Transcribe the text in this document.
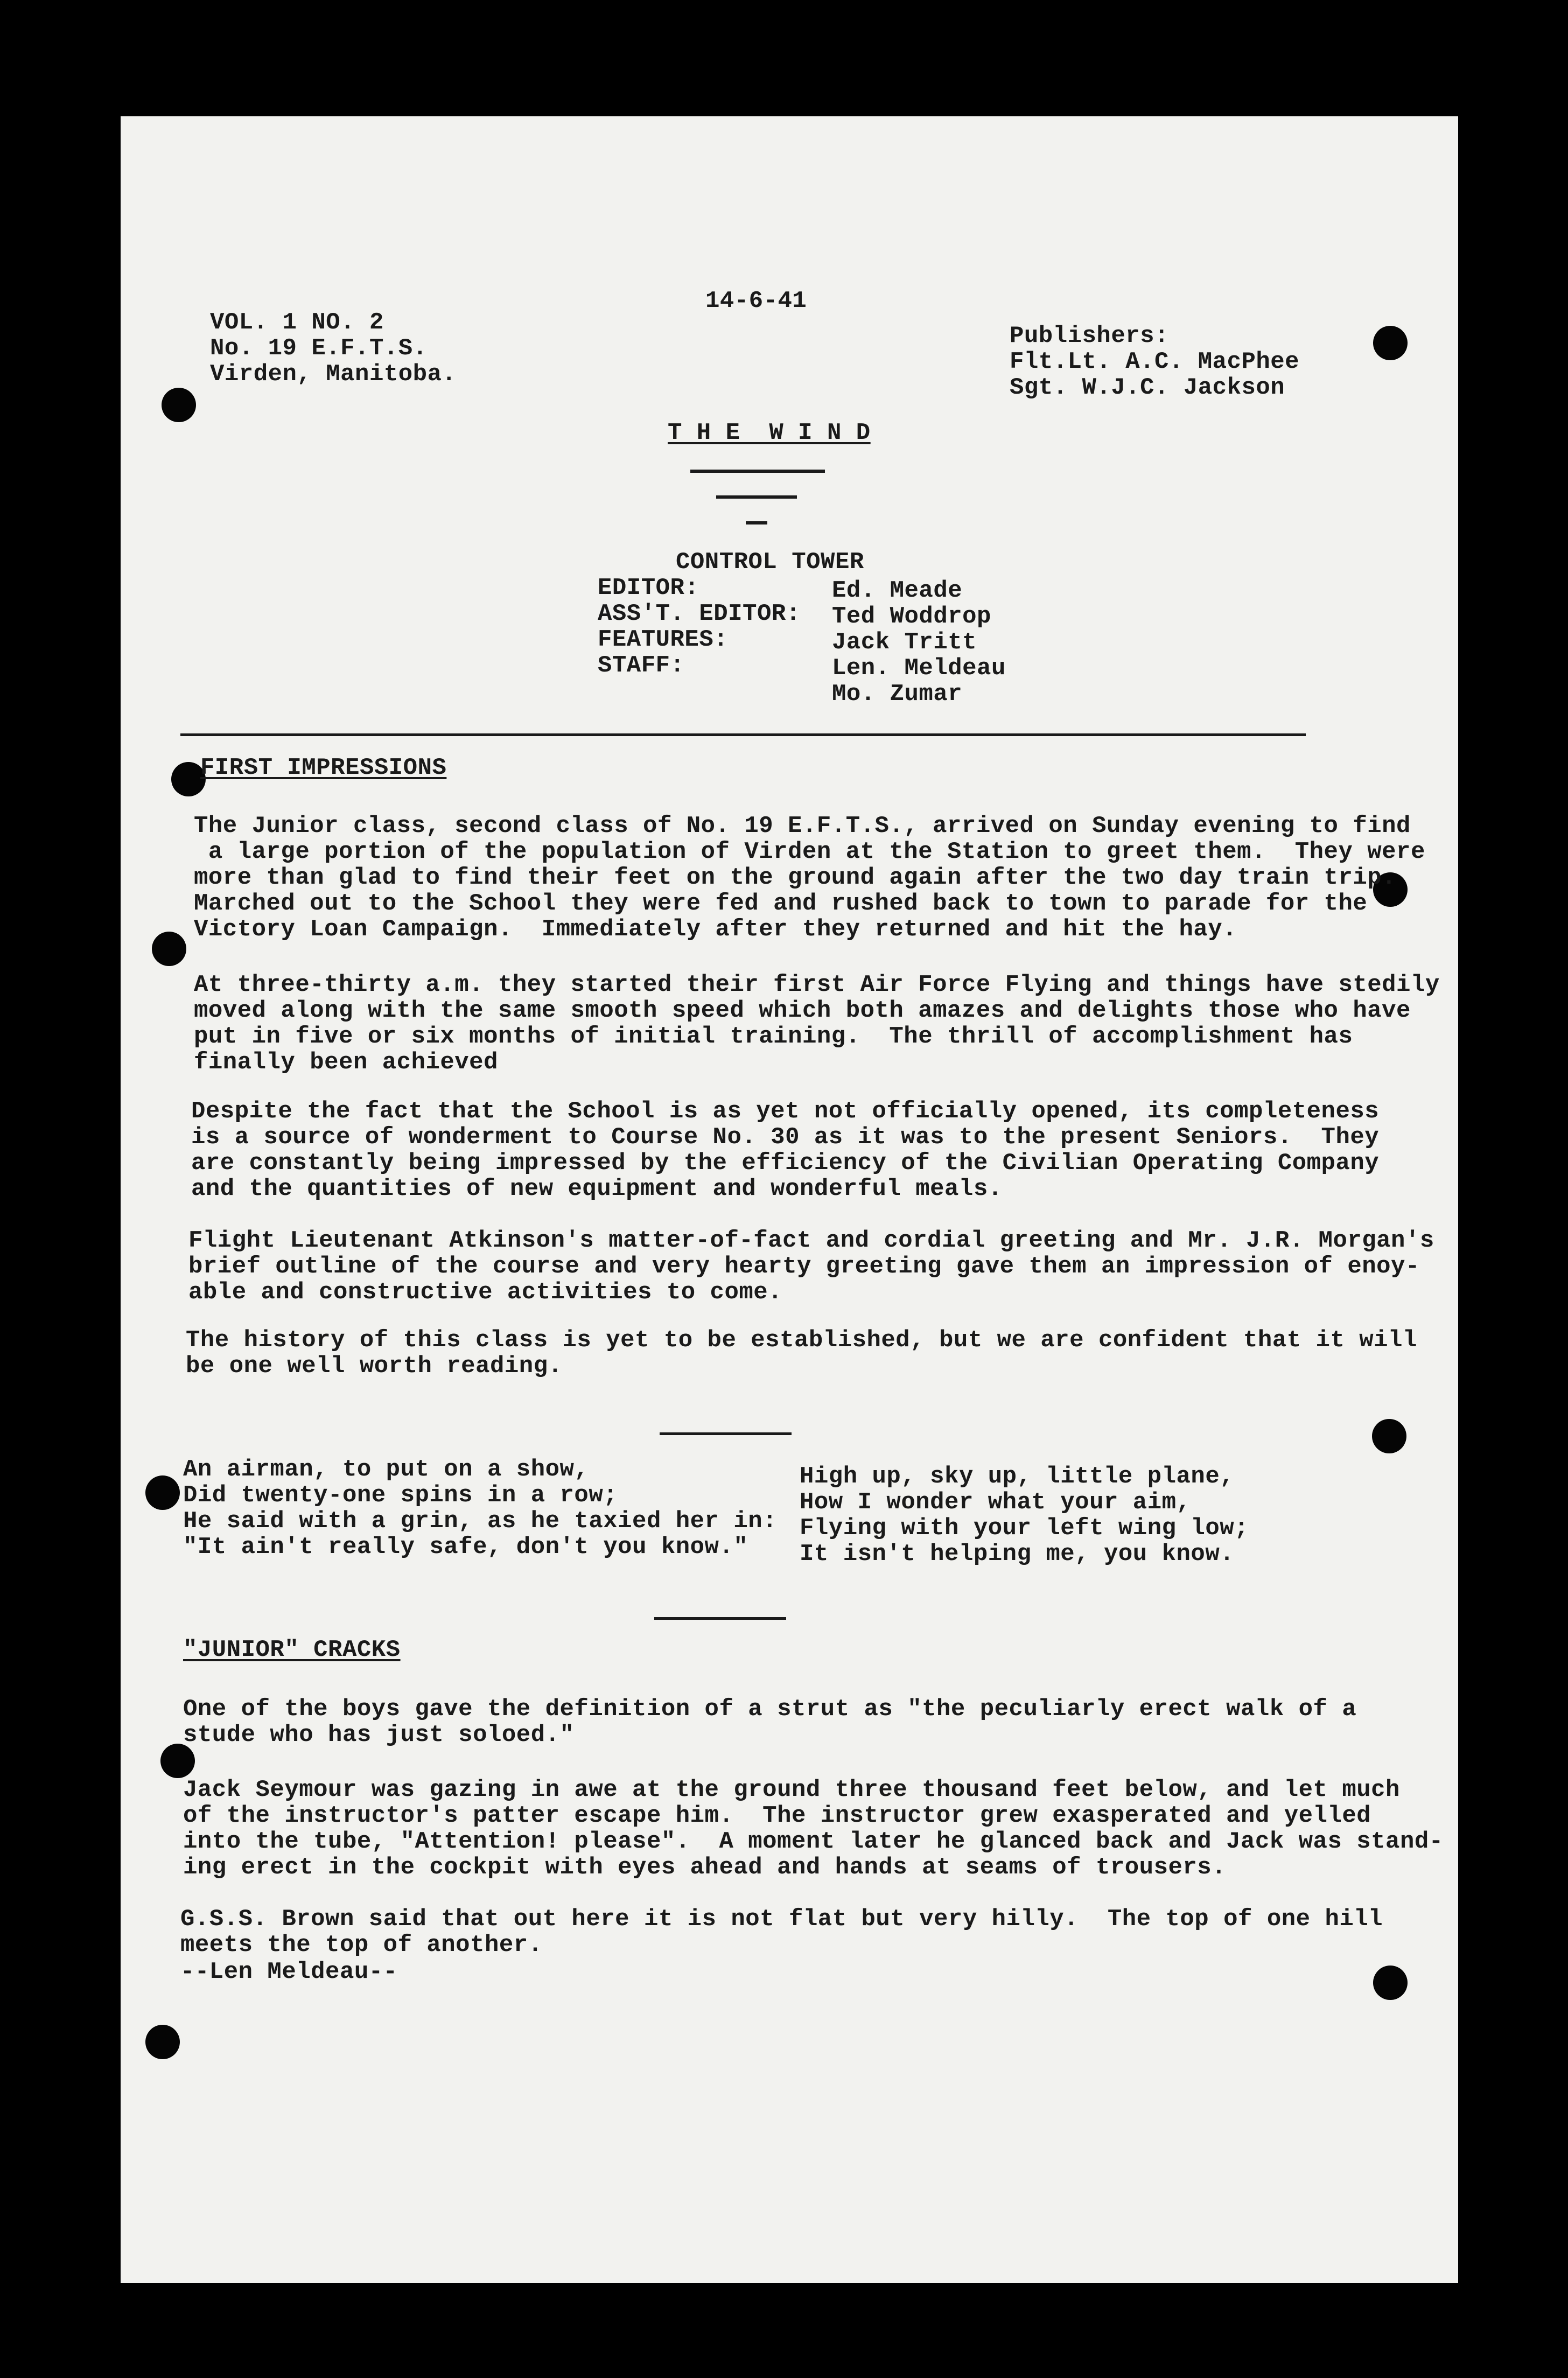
14-6-41
VOL. 1 NO. 2
No. 19 E.F.T.S.
Virden, Manitoba.
Publishers:
Flt.Lt. A.C. MacPhee
Sgt. W.J.C. Jackson
T H E  W I N D
CONTROL TOWER
EDITOR:	Ed. Meade
ASS'T. EDITOR: Ted Woddrop
FEATURES:	Jack Tritt
STAFF:	Len. Meldeau
Mo. Zumar
FIRST IMPRESSIONS
The Junior class, second class of No. 19 E.F.T.S., arrived on Sunday evening to find
a large portion of the population of Virden at the Station to greet them.  They were
more than glad to find their feet on the ground again after the two day train trip.
Marched out to the School they were fed and rushed back to town to parade for the
Victory Loan Campaign.  Immediately after they returned and hit the hay.
At three-thirty a.m. they started their first Air Force Flying and things have stedily
moved along with the same smooth speed which both amazes and delights those who have
put in five or six months of initial training.  The thrill of accomplishment has
finally been achieved
Despite the fact that the School is as yet not officially opened, its completeness
is a source of wonderment to Course No. 30 as it was to the present Seniors.  They
are constantly being impressed by the efficiency of the Civilian Operating Company
and the quantities of new equipment and wonderful meals.
Flight Lieutenant Atkinson's matter-of-fact and cordial greeting and Mr. J.R. Morgan's
brief outline of the course and very hearty greeting gave them an impression of enoy-
able and constructive activities to come.
The history of this class is yet to be established, but we are confident that it will
be one well worth reading.
An airman, to put on a show,
Did twenty-one spins in a row;
He said with a grin, as he taxied her in:
"It ain't really safe, don't you know."
High up, sky up, little plane,
How I wonder what your aim,
Flying with your left wing low;
It isn't helping me, you know.
"JUNIOR" CRACKS
One of the boys gave the definition of a strut as "the peculiarly erect walk of a
stude who has just soloed."
Jack Seymour was gazing in awe at the ground three thousand feet below, and let much
of the instructor's patter escape him.  The instructor grew exasperated and yelled
into the tube, "Attention! please".  A moment later he glanced back and Jack was stand-
ing erect in the cockpit with eyes ahead and hands at seams of trousers.
G.S.S. Brown said that out here it is not flat but very hilly.  The top of one hill
meets the top of another.
--Len Meldeau--
